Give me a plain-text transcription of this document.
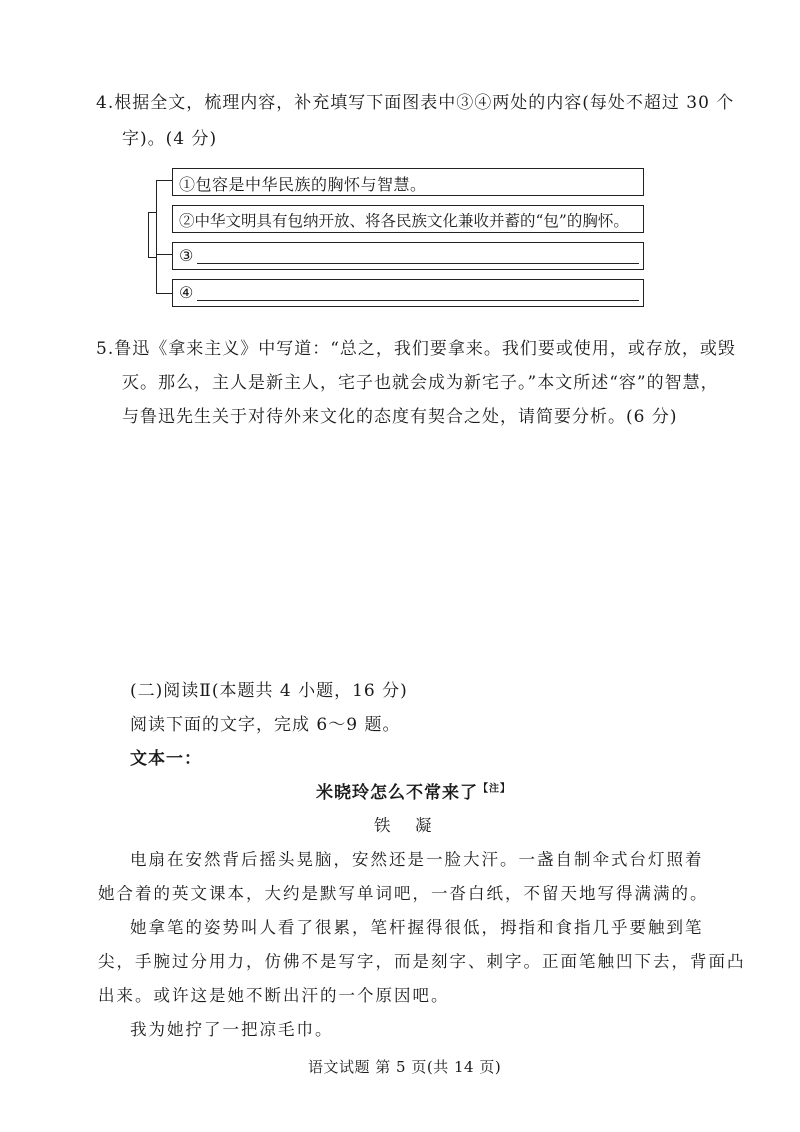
4.根据全文，梳理内容，补充填写下面图表中③④两处的内容(每处不超过 30 个
字)。(4 分)
①包容是中华民族的胸怀与智慧。
②中华文明具有包纳开放、将各民族文化兼收并蓄的“包”的胸怀。
③
④
5.鲁迅《拿来主义》中写道：“总之，我们要拿来。我们要或使用，或存放，或毁
灭。那么，主人是新主人，宅子也就会成为新宅子。”本文所述“容”的智慧，
与鲁迅先生关于对待外来文化的态度有契合之处，请简要分析。(6 分)
(二)阅读Ⅱ(本题共 4 小题，16 分)
阅读下面的文字，完成 6～9 题。
文本一：
米晓玲怎么不常来了$^{【注】}$
铁　凝
电扇在安然背后摇头晃脑，安然还是一脸大汗。一盏自制伞式台灯照着
她合着的英文课本，大约是默写单词吧，一沓白纸，不留天地写得满满的。
她拿笔的姿势叫人看了很累，笔杆握得很低，拇指和食指几乎要触到笔
尖，手腕过分用力，仿佛不是写字，而是刻字、刺字。正面笔触凹下去，背面凸
出来。或许这是她不断出汗的一个原因吧。
我为她拧了一把凉毛巾。
语文试题 第 5 页(共 14 页)
